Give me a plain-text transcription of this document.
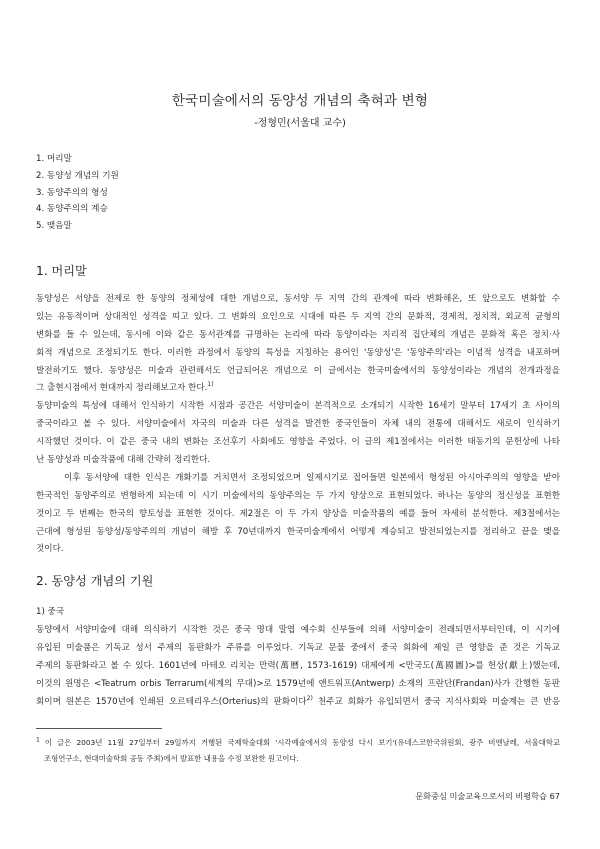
한국미술에서의 동양성 개념의 축혀과 변형
-정형민(서울대 교수)
1. 머리말
2. 동양성 개념의 기원
3. 동양주의의 형성
4. 동양주의의 계승
5. 맺음말
1. 머리말
동양성은 서양을 전제로 한 동양의 정체성에 대한 개념으로, 동서양 두 지역 간의 관계에 따라 변화해온, 또 앞으로도 변화할 수
있는 유동적이며 상대적인 성격을 띠고 있다. 그 변화의 요인으로 시대에 따른 두 지역 간의 문화적, 경제적, 정치적, 외교적 균형의
변화를 들 수 있는데, 동시에 이와 같은 동서관계를 규명하는 논리에 따라 동양이라는 지리적 집단체의 개념은 문화적 혹은 정치·사
회적 개념으로 조정되기도 한다. 이러한 과정에서 동양의 특성을 지칭하는 용어인 '동양성'은 '동양주의'라는 이념적 성격을 내포하며
발전하기도 했다. 동양성은 미술과 관련해서도 언급되어온 개념으로 이 글에서는 한국미술에서의 동양성이라는 개념의 전개과정을
그 출현시점에서 현대까지 정리해보고자 한다.$^{1)}$
동양미술의 특성에 대해서 인식하기 시작한 시점과 공간은 서양미술이 본격적으로 소개되기 시작한 16세기 말부터 17세기 초 사이의
중국이라고 볼 수 있다. 서양미술에서 자국의 미술과 다른 성격을 발견한 중국인들이 자체 내의 전통에 대해서도 새로이 인식하기
시작했던 것이다. 이 같은 중국 내의 변화는 조선후기 사회에도 영향을 주었다. 이 글의 제1절에서는 이러한 태동기의 문헌상에 나타
난 동양성과 미술작품에 대해 간략히 정리한다.
이후 동서양에 대한 인식은 개화기를 거치면서 조정되었으며 일제시기로 접어들면 일본에서 형성된 아시아주의의 영향을 받아
한국적인 동양주의로 변형하게 되는데 이 시기 미술에서의 동양주의는 두 가지 양상으로 표현되었다. 하나는 동양의 정신성을 표현한
것이고 두 번째는 한국의 향토성을 표현한 것이다. 제2절은 이 두 가지 양상을 미술작품의 예를 들어 자세히 분석한다. 제3절에서는
근대에 형성된 동양성/동양주의의 개념이 해방 후 70년대까지 한국미술계에서 어떻게 계승되고 발전되었는지를 정리하고 끝을 맺을
것이다.
2. 동양성 개념의 기원
1) 중국
동양에서 서양미술에 대해 의식하기 시작한 것은 중국 명대 말엽 예수회 신부들에 의해 서양미술이 전래되면서부터인데, 이 시기에
유입된 미술품은 기독교 성서 주제의 동판화가 주류를 이루었다. 기독교 문물 중에서 중국 회화에 제일 큰 영향을 준 것은 기독교
주제의 동판화라고 볼 수 있다. 1601년에 마테오 리치는 만력(萬曆, 1573-1619) 대제에게 <만국도(萬國圖)>를 헌상(獻上)했는데,
이것의 원명은 <Teatrum orbis Terrarum(세계의 무대)>로 1579년에 앤트워프(Antwerp) 소재의 프란단(Frandan)사가 간행한 동판
회이며 원본은 1570년에 인쇄된 오르테리우스(Orterius)의 판화이다$^{2)}$ 천주교 회화가 유입되면서 중국 지식사회와 미술계는 큰 반응
$^1$ 이 글은 2003년 11월 27일부터 29일까지 거행된 국제학술대회 '시각예술에서의 동양성 다시 보기'(유네스코한국위원회, 광주 비엔날레, 서울대학교
조형연구소, 현대미술학회 공동 주최)에서 발표한 내용을 수정 보완한 원고이다.
문화중심 미술교육으로서의 비평학습 67
